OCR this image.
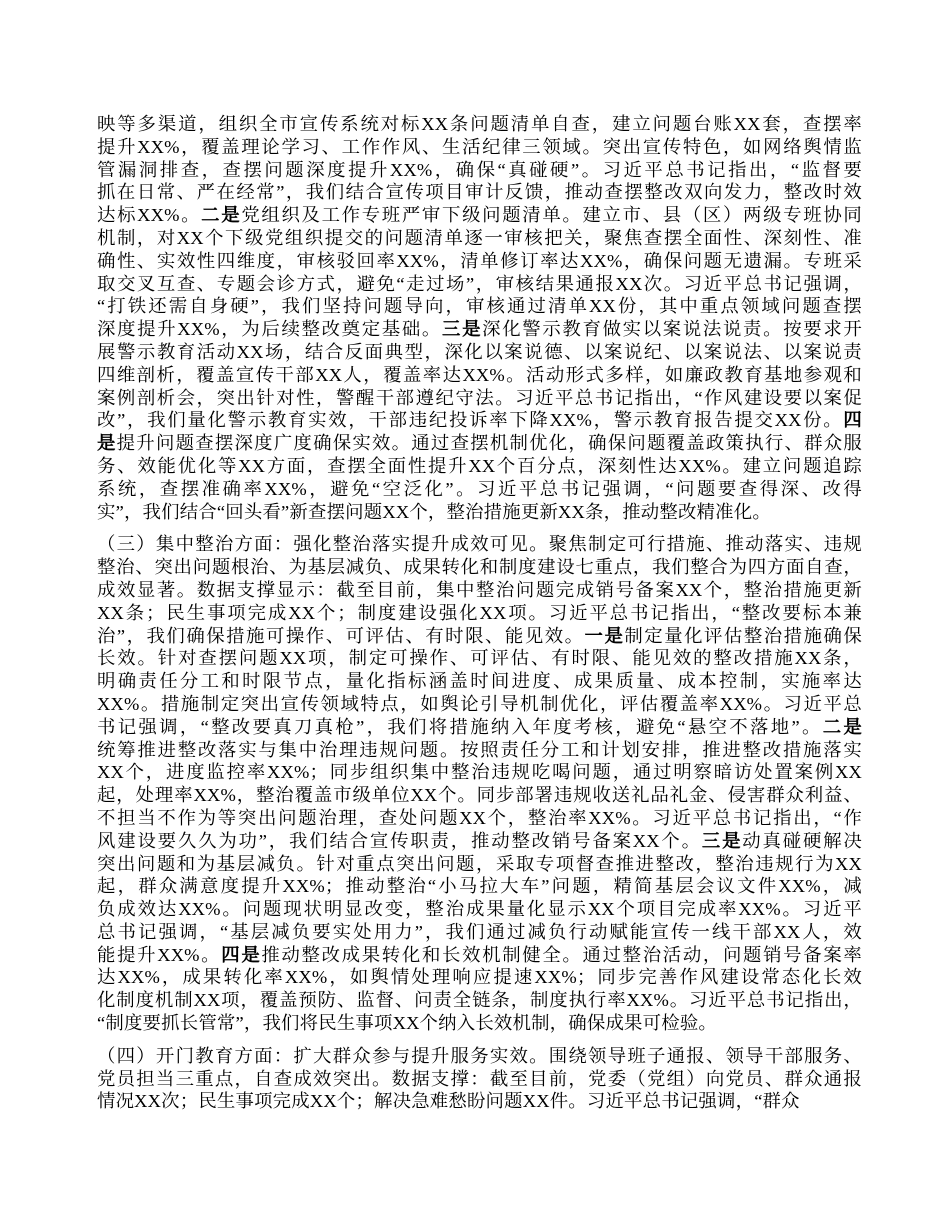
映等多渠道，组织全市宣传系统对标XX条问题清单自查，建立问题台账XX套，查摆率
提升XX%，覆盖理论学习、工作作风、生活纪律三领域。突出宣传特色，如网络舆情监
管漏洞排查，查摆问题深度提升XX%，确保“真碰硬”。习近平总书记指出，“监督要
抓在日常、严在经常”，我们结合宣传项目审计反馈，推动查摆整改双向发力，整改时效
达标XX%。二是党组织及工作专班严审下级问题清单。建立市、县（区）两级专班协同
机制，对XX个下级党组织提交的问题清单逐一审核把关，聚焦查摆全面性、深刻性、准
确性、实效性四维度，审核驳回率XX%，清单修订率达XX%，确保问题无遗漏。专班采
取交叉互查、专题会诊方式，避免“走过场”，审核结果通报XX次。习近平总书记强调，
“打铁还需自身硬”，我们坚持问题导向，审核通过清单XX份，其中重点领域问题查摆
深度提升XX%，为后续整改奠定基础。三是深化警示教育做实以案说法说责。按要求开
展警示教育活动XX场，结合反面典型，深化以案说德、以案说纪、以案说法、以案说责
四维剖析，覆盖宣传干部XX人，覆盖率达XX%。活动形式多样，如廉政教育基地参观和
案例剖析会，突出针对性，警醒干部遵纪守法。习近平总书记指出，“作风建设要以案促
改”，我们量化警示教育实效，干部违纪投诉率下降XX%，警示教育报告提交XX份。四
是提升问题查摆深度广度确保实效。通过查摆机制优化，确保问题覆盖政策执行、群众服
务、效能优化等XX方面，查摆全面性提升XX个百分点，深刻性达XX%。建立问题追踪
系统，查摆准确率XX%，避免“空泛化”。习近平总书记强调，“问题要查得深、改得
实”，我们结合“回头看”新查摆问题XX个，整治措施更新XX条，推动整改精准化。
（三）集中整治方面：强化整治落实提升成效可见。聚焦制定可行措施、推动落实、违规
整治、突出问题根治、为基层减负、成果转化和制度建设七重点，我们整合为四方面自查，
成效显著。数据支撑显示：截至目前，集中整治问题完成销号备案XX个，整治措施更新
XX条；民生事项完成XX个；制度建设强化XX项。习近平总书记指出，“整改要标本兼
治”，我们确保措施可操作、可评估、有时限、能见效。一是制定量化评估整治措施确保
长效。针对查摆问题XX项，制定可操作、可评估、有时限、能见效的整改措施XX条，
明确责任分工和时限节点，量化指标涵盖时间进度、成果质量、成本控制，实施率达
XX%。措施制定突出宣传领域特点，如舆论引导机制优化，评估覆盖率XX%。习近平总
书记强调，“整改要真刀真枪”，我们将措施纳入年度考核，避免“悬空不落地”。二是
统筹推进整改落实与集中治理违规问题。按照责任分工和计划安排，推进整改措施落实
XX个，进度监控率XX%；同步组织集中整治违规吃喝问题，通过明察暗访处置案例XX
起，处理率XX%，整治覆盖市级单位XX个。同步部署违规收送礼品礼金、侵害群众利益、
不担当不作为等突出问题治理，查处问题XX个，整治率XX%。习近平总书记指出，“作
风建设要久久为功”，我们结合宣传职责，推动整改销号备案XX个。三是动真碰硬解决
突出问题和为基层减负。针对重点突出问题，采取专项督查推进整改，整治违规行为XX
起，群众满意度提升XX%；推动整治“小马拉大车”问题，精简基层会议文件XX%，减
负成效达XX%。问题现状明显改变，整治成果量化显示XX个项目完成率XX%。习近平
总书记强调，“基层减负要实处用力”，我们通过减负行动赋能宣传一线干部XX人，效
能提升XX%。四是推动整改成果转化和长效机制健全。通过整治活动，问题销号备案率
达XX%，成果转化率XX%，如舆情处理响应提速XX%；同步完善作风建设常态化长效
化制度机制XX项，覆盖预防、监督、问责全链条，制度执行率XX%。习近平总书记指出，
“制度要抓长管常”，我们将民生事项XX个纳入长效机制，确保成果可检验。
（四）开门教育方面：扩大群众参与提升服务实效。围绕领导班子通报、领导干部服务、
党员担当三重点，自查成效突出。数据支撑：截至目前，党委（党组）向党员、群众通报
情况XX次；民生事项完成XX个；解决急难愁盼问题XX件。习近平总书记强调，“群众
